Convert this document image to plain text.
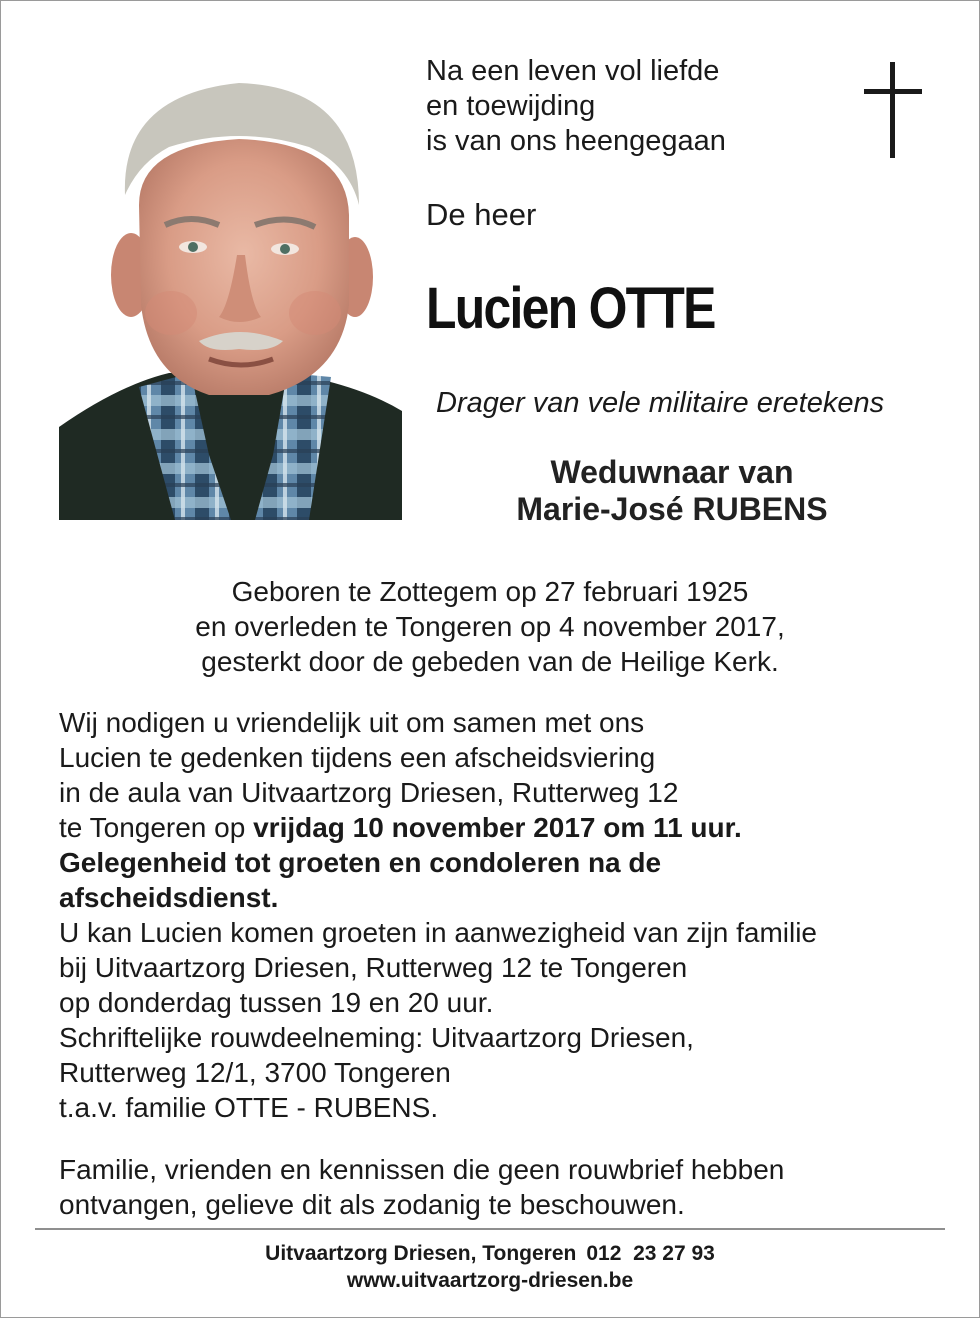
Na een leven vol liefde
en toewijding
is van ons heengegaan
De heer
Lucien OTTE
Drager van vele militaire eretekens
Weduwnaar van
Marie-José RUBENS
Geboren te Zottegem op 27 februari 1925
en overleden te Tongeren op 4 november 2017,
gesterkt door de gebeden van de Heilige Kerk.
Wij nodigen u vriendelijk uit om samen met ons
Lucien te gedenken tijdens een afscheidsviering
in de aula van Uitvaartzorg Driesen, Rutterweg 12
te Tongeren op vrijdag 10 november 2017 om 11 uur.
Gelegenheid tot groeten en condoleren na de
afscheidsdienst.
U kan Lucien komen groeten in aanwezigheid van zijn familie
bij Uitvaartzorg Driesen, Rutterweg 12 te Tongeren
op donderdag tussen 19 en 20 uur.
Schriftelijke rouwdeelneming: Uitvaartzorg Driesen,
Rutterweg 12/1, 3700 Tongeren
t.a.v. familie OTTE - RUBENS.
Familie, vrienden en kennissen die geen rouwbrief hebben
ontvangen, gelieve dit als zodanig te beschouwen.
Uitvaartzorg Driesen, Tongeren 012  23 27 93
www.uitvaartzorg-driesen.be
